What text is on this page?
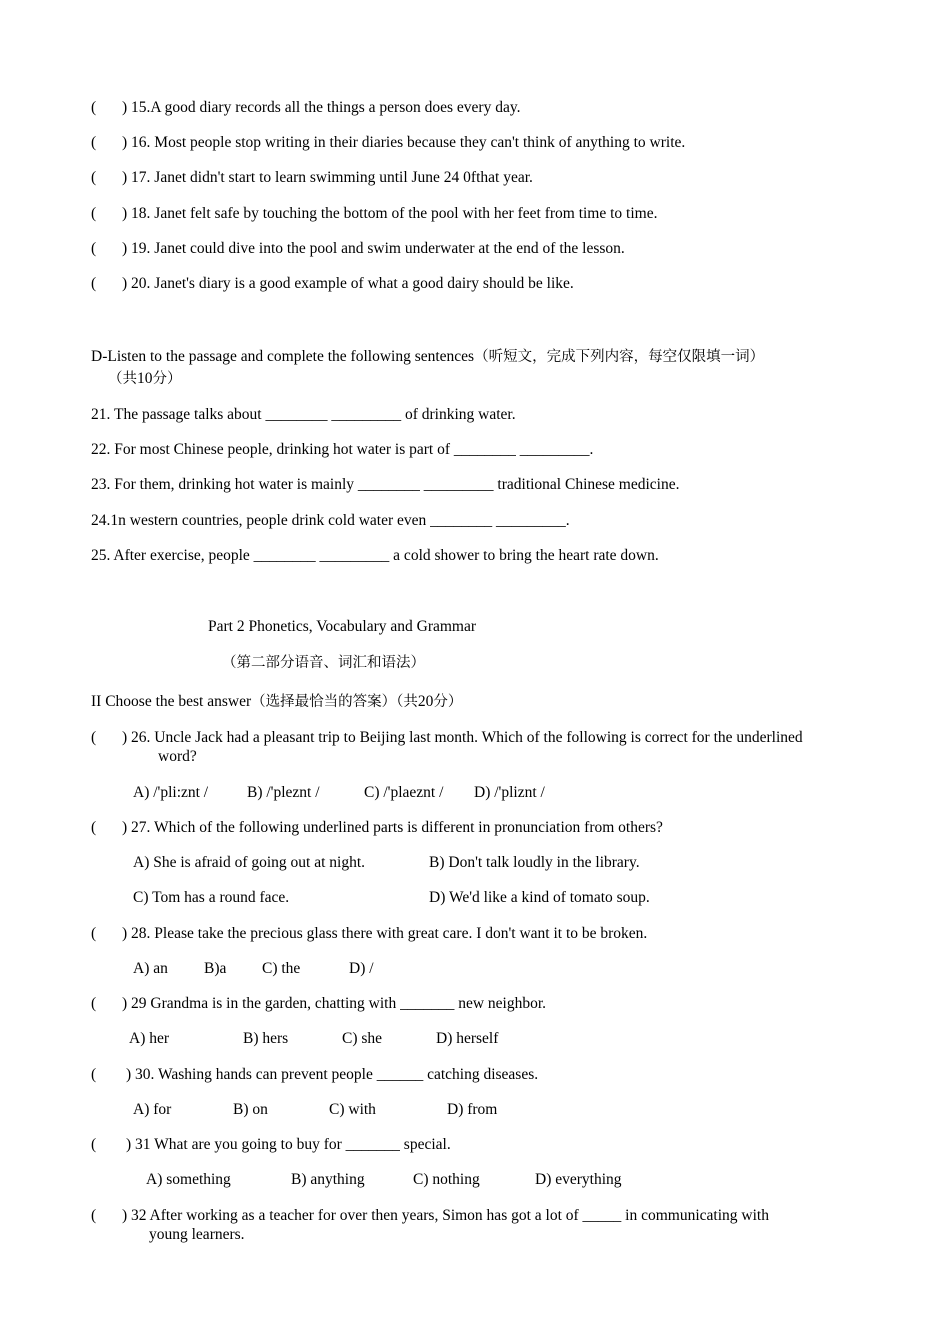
( ) 15.A good diary records all the things a person does every day.
( ) 16. Most people stop writing in their diaries because they can't think of anything to write.
( ) 17. Janet didn't start to learn swimming until June 24 0fthat year.
( ) 18. Janet felt safe by touching the bottom of the pool with her feet from time to time.
( ) 19. Janet could dive into the pool and swim underwater at the end of the lesson.
( ) 20. Janet's diary is a good example of what a good dairy should be like.
D-Listen to the passage and complete the following sentences（听短文，完成下列内容，每空仅限填一词）
（共10分）
21. The passage talks about ________ _________ of drinking water.
22. For most Chinese people, drinking hot water is part of ________ _________.
23. For them, drinking hot water is mainly ________ _________ traditional Chinese medicine.
24.1n western countries, people drink cold water even ________ _________.
25. After exercise, people ________ _________ a cold shower to bring the heart rate down.
Part 2 Phonetics, Vocabulary and Grammar
（第二部分语音、词汇和语法）
II Choose the best answer（选择最恰当的答案）（共20分）
( ) 26. Uncle Jack had a pleasant trip to Beijing last month. Which of the following is correct for the underlined
word?
A) /'pli:znt /	B) /'pleznt /	C) /'plaeznt / D) /'pliznt /
( ) 27. Which of the following underlined parts is different in pronunciation from others?
A) She is afraid of going out at night.	B) Don't talk loudly in the library.
C) Tom has a round face.	D) We'd like a kind of tomato soup.
( ) 28. Please take the precious glass there with great care. I don't want it to be broken.
A) an B)a C) the	D) /
( ) 29 Grandma is in the garden, chatting with _______ new neighbor.
A) her	B) hers	C) she	D) herself
( ) 30. Washing hands can prevent people ______ catching diseases.
A) for	B) on	C) with	D) from
( ) 31 What are you going to buy for _______ special.
A) something	B) anything	C) nothing	D) everything
( ) 32 After working as a teacher for over then years, Simon has got a lot of _____ in communicating with
young learners.
